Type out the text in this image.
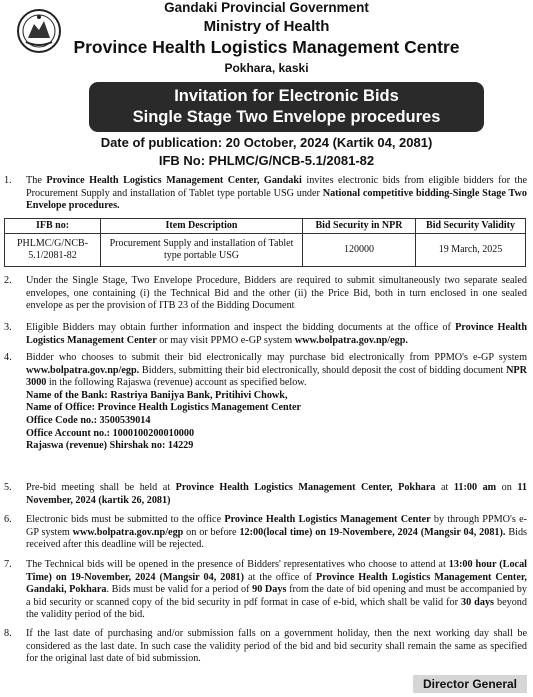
Gandaki Provincial Government
Ministry of Health
Province Health Logistics Management Centre
Pokhara, kaski
Invitation for Electronic Bids
Single Stage Two Envelope procedures
Date of publication: 20 October, 2024 (Kartik 04, 2081)
IFB No: PHLMC/G/NCB-5.1/2081-82
1.	The Province Health Logistics Management Center, Gandaki invites electronic bids from eligible bidders for the Procurement Supply and installation of Tablet type portable USG under National competitive bidding-Single Stage Two Envelope procedures.
IFB no:	Item Description	Bid Security in NPR	Bid Security Validity
PHLMC/G/NCB-5.1/2081-82	Procurement Supply and installation of Tablet type portable USG	120000	19 March, 2025
2.	Under the Single Stage, Two Envelope Procedure, Bidders are required to submit simultaneously two separate sealed envelopes, one containing (i) the Technical Bid and the other (ii) the Price Bid, both in turn enclosed in one sealed envelope as per the provision of ITB 23 of the Bidding Document
3.	Eligible Bidders may obtain further information and inspect the bidding documents at the office of Province Health Logistics Management Center or may visit PPMO e-GP system www.bolpatra.gov.np/egp.
4.	Bidder who chooses to submit their bid electronically may purchase bid electronically from PPMO's e-GP system www.bolpatra.gov.np/egp. Bidders, submitting their bid electronically, should deposit the cost of bidding document NPR 3000 in the following Rajaswa (revenue) account as specified below.
Name of the Bank: Rastriya Banijya Bank, Pritihivi Chowk,
Name of Office: Province Health Logistics Management Center
Office Code no.: 3500539014
Office Account no.: 1000100200010000
Rajaswa (revenue) Shirshak no: 14229
5.	Pre-bid meeting shall be held at Province Health Logistics Management Center, Pokhara at 11:00 am on 11 November, 2024 (kartik 26, 2081)
6.	Electronic bids must be submitted to the office Province Health Logistics Management Center by through PPMO's e-GP system www.bolpatra.gov.np/egp on or before 12:00(local time) on 19-Novembere, 2024 (Mangsir 04, 2081). Bids received after this deadline will be rejected.
7.	The Technical bids will be opened in the presence of Bidders' representatives who choose to attend at 13:00 hour (Local Time) on 19-November, 2024 (Mangsir 04, 2081) at the office of Province Health Logistics Management Center, Gandaki, Pokhara. Bids must be valid for a period of 90 Days from the date of bid opening and must be accompanied by a bid security or scanned copy of the bid security in pdf format in case of e-bid, which shall be valid for 30 days beyond the validity period of the bid.
8.	If the last date of purchasing and/or submission falls on a government holiday, then the next working day shall be considered as the last date. In such case the validity period of the bid and bid security shall remain the same as specified for the original last date of bid submission.
Director General
